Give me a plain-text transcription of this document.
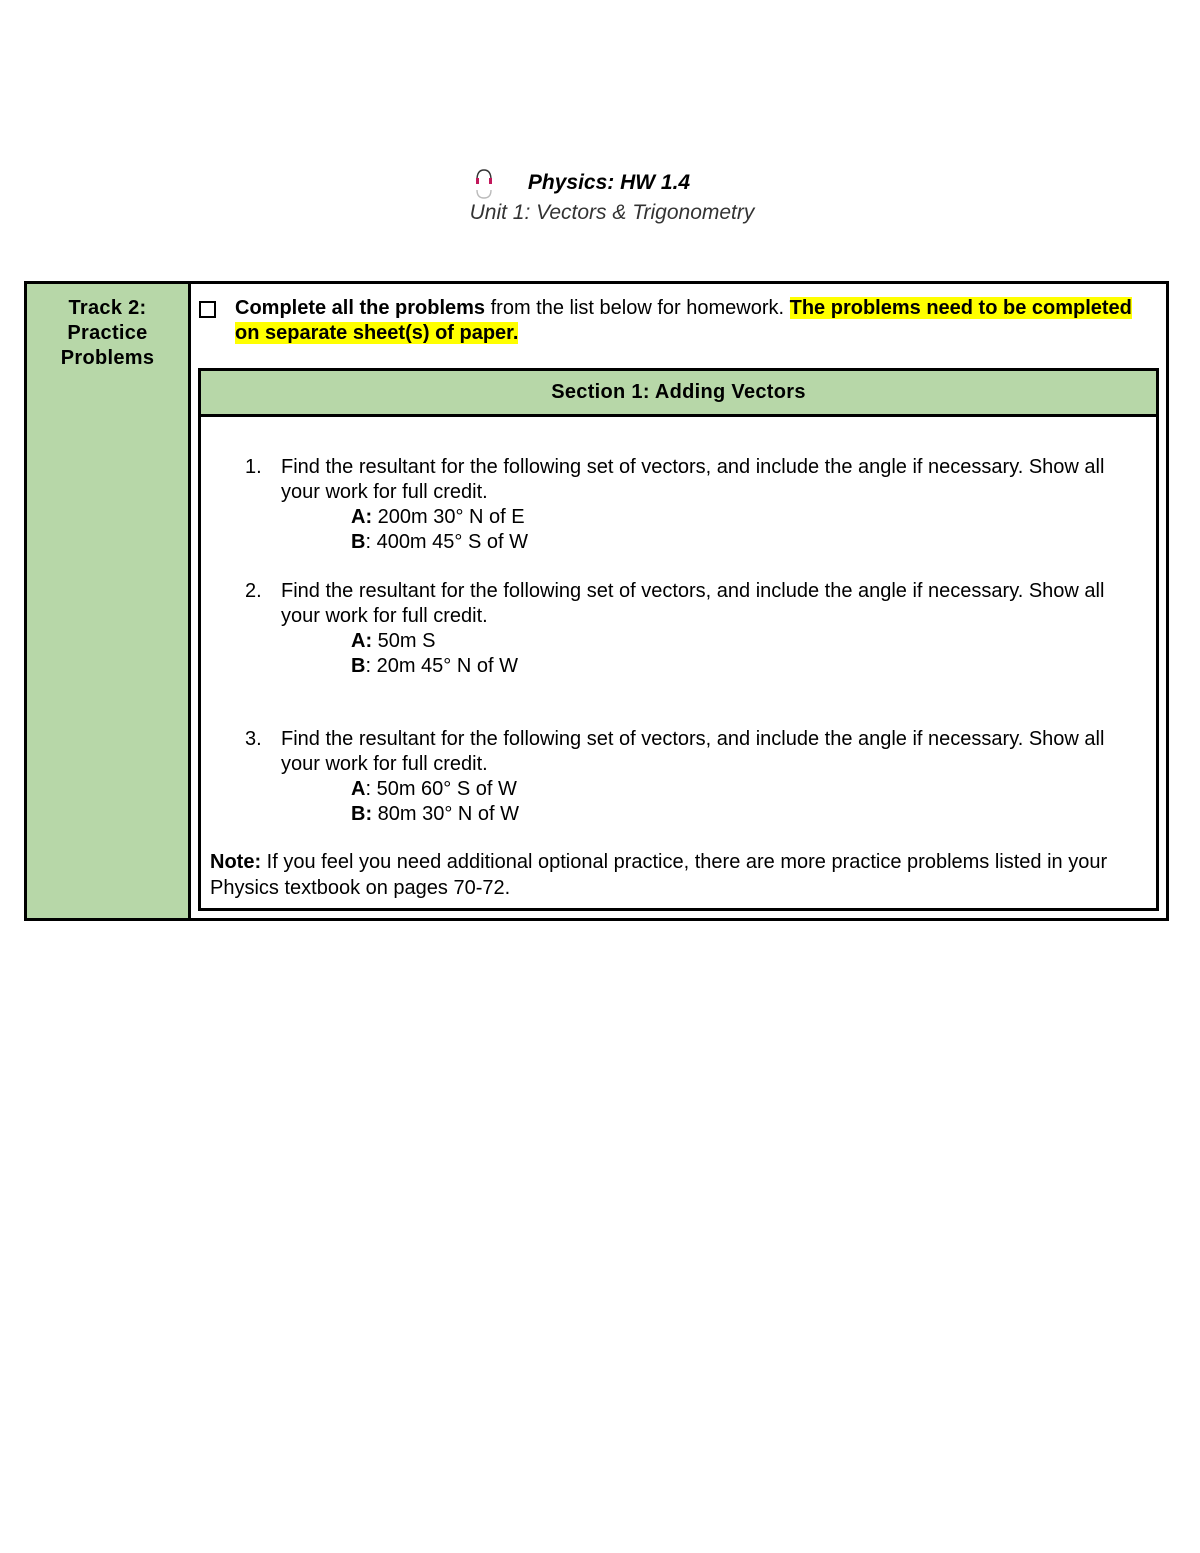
Physics: HW 1.4
Unit 1: Vectors & Trigonometry
Track 2:
Practice
Problems
Complete all the problems from the list below for homework. The problems need to be completed on separate sheet(s) of paper.
Section 1: Adding Vectors
1. Find the resultant for the following set of vectors, and include the angle if necessary. Show all your work for full credit.
A: 200m 30° N of E
B: 400m 45° S of W
2. Find the resultant for the following set of vectors, and include the angle if necessary. Show all your work for full credit.
A: 50m S
B: 20m 45° N of W
3. Find the resultant for the following set of vectors, and include the angle if necessary. Show all your work for full credit.
A: 50m 60° S of W
B: 80m 30° N of W
Note: If you feel you need additional optional practice, there are more practice problems listed in your Physics textbook on pages 70-72.
